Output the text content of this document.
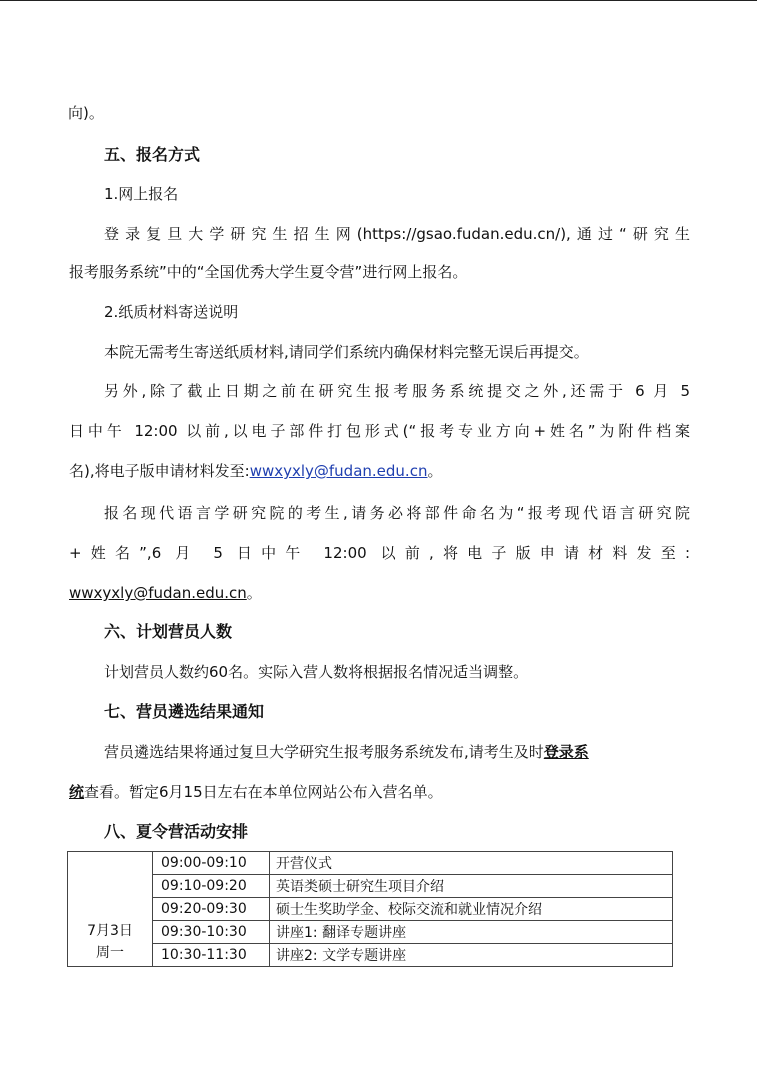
向)。

五、报名方式

1.网上报名

登录复旦大学研究生招生网(https://gsao.fudan.edu.cn/),通过“研究生

报考服务系统”中的“全国优秀大学生夏令营”进行网上报名。

2.纸质材料寄送说明

本院无需考生寄送纸质材料,请同学们系统内确保材料完整无误后再提交。

另外,除了截止日期之前在研究生报考服务系统提交之外,还需于 6 月 5

日中午 12:00 以前,以电子部件打包形式(“报考专业方向+姓名”为附件档案

名),将电子版申请材料发至:wwxyxly@fudan.edu.cn。

报名现代语言学研究院的考生,请务必将部件命名为“报考现代语言研究院

+姓名”,6 月 5 日中午 12:00 以前,将电子版申请材料发至:

wwxyxly@fudan.edu.cn。

六、计划营员人数

计划营员人数约60名。实际入营人数将根据报名情况适当调整。

七、营员遴选结果通知

营员遴选结果将通过复旦大学研究生报考服务系统发布,请考生及时登录系

统查看。暂定6月15日左右在本单位网站公布入营名单。

八、夏令营活动安排

7月3日
周一	09:00-09:10	开营仪式
	09:10-09:20	英语类硕士研究生项目介绍
	09:20-09:30	硕士生奖助学金、校际交流和就业情况介绍
	09:30-10:30	讲座1: 翻译专题讲座
	10:30-11:30	讲座2: 文学专题讲座
